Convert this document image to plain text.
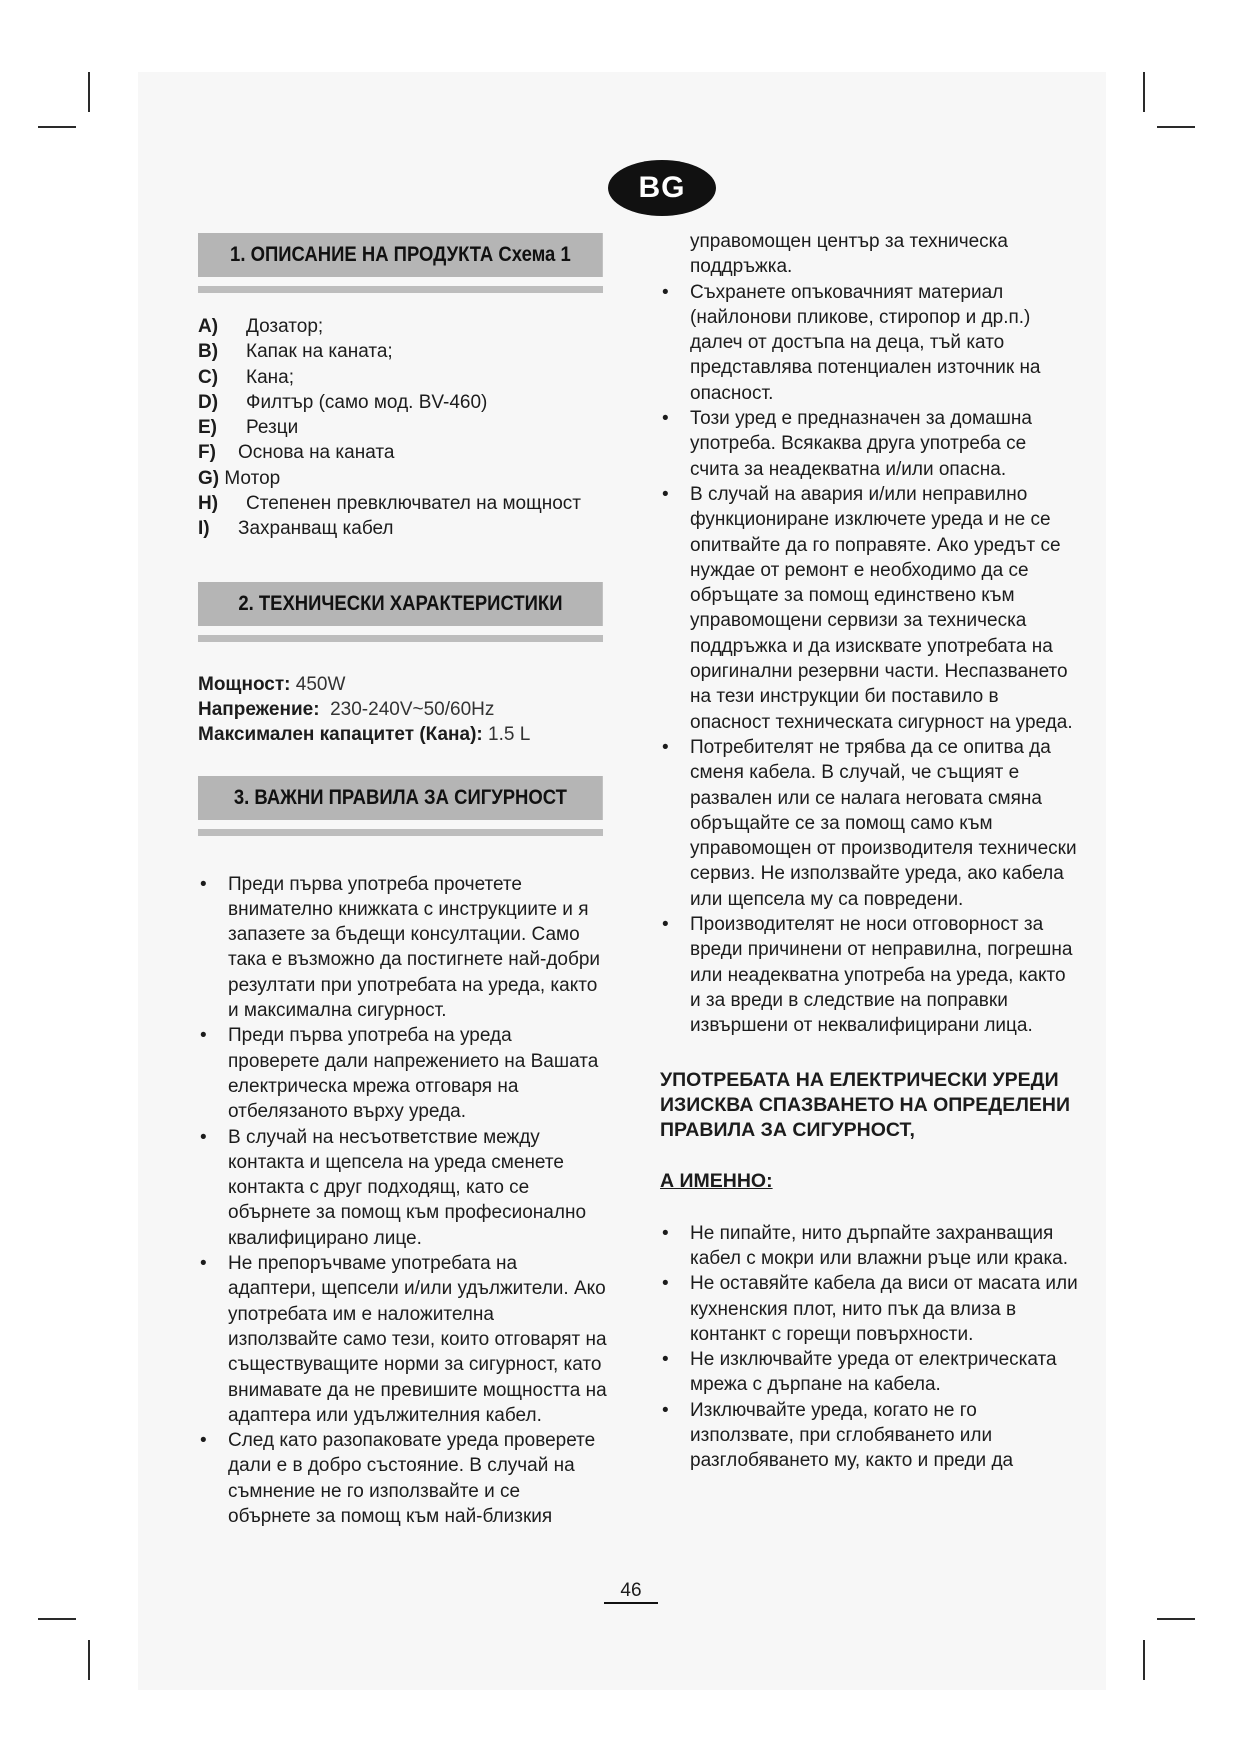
BG
1. ОПИСАНИЕ НА ПРОДУКТА Схема 1
A) Дозатор;
B) Капак на каната;
C) Кана;
D) Филтър (само мод. BV-460)
E) Резци
F) Основа на каната
G) Мотор
H) Степенен превключвател на мощност
I) Захранващ кабел
2. ТЕХНИЧЕСКИ ХАРАКТЕРИСТИКИ

Мощност: 450W

Напрежение: 230-240V~50/60Hz

Максимален капацитет (Кана): 1.5 L

3. ВАЖНИ ПРАВИЛА ЗА СИГУРНОСТ
• Преди първа употреба прочетете внимателно книжката с инструкциите и я запазете за бъдещи консултации. Само така е възможно да постигнете най-добри резултати при употребата на уреда, както и максимална сигурност.
• Преди първа употреба на уреда проверете дали напрежението на Вашата електрическа мрежа отговаря на отбелязаното върху уреда.
• В случай на несъответствие между контакта и щепсела на уреда сменете контакта с друг подходящ, като се обърнете за помощ към професионално квалифицирано лице.
• Не препоръчваме употребата на адаптери, щепсели и/или удължители. Ако употребата им е наложителна използвайте само тези, които отговарят на съществуващите норми за сигурност, като внимавате да не превишите мощността на адаптера или удължителния кабел.
• След като разопаковате уреда проверете дали е в добро състояние. В случай на съмнение не го използвайте и се обърнете за помощ към най-близкия
управомощен център за техническа поддръжка.
• Съхранете опъковачният материал (найлонови пликове, стиропор и др.п.) далеч от достъпа на деца, тъй като представлява потенциален източник на опасност.
• Този уред е предназначен за домашна употреба. Всякаква друга употреба се счита за неадекватна и/или опасна.
• В случай на авария и/или неправилно функциониране изключете уреда и не се опитвайте да го поправяте. Ако уредът се нуждае от ремонт е необходимо да се обръщате за помощ единствено към управомощени сервизи за техническа поддръжка и да изисквате употребата на оригинални резервни части. Неспазването на тези инструкции би поставило в опасност техническата сигурност на уреда.
• Потребителят не трябва да се опитва да сменя кабела. В случай, че същият е развален или се налага неговата смяна обръщайте се за помощ само към управомощен от производителя технически сервиз. Не използвайте уреда, ако кабела или щепсела му са повредени.
• Производителят не носи отговорност за вреди причинени от неправилна, погрешна или неадекватна употреба на уреда, както и за вреди в следствие на поправки извършени от неквалифицирани лица.
УПОТРЕБАТА НА ЕЛЕКТРИЧЕСКИ УРЕДИ ИЗИСКВА СПАЗВАНЕТО НА ОПРЕДЕЛЕНИ ПРАВИЛА ЗА СИГУРНОСТ,
А ИМЕННО:
• Не пипайте, нито дърпайте захранващия кабел с мокри или влажни ръце или крака.
• Не оставяйте кабела да виси от масата или кухненския плот, нито пък да влиза в контанкт с горещи повърхности.
• Не изключвайте уреда от електрическата мрежа с дърпане на кабела.
• Изключвайте уреда, когато не го използвате, при сглобяването или разглобяването му, както и преди да
46
